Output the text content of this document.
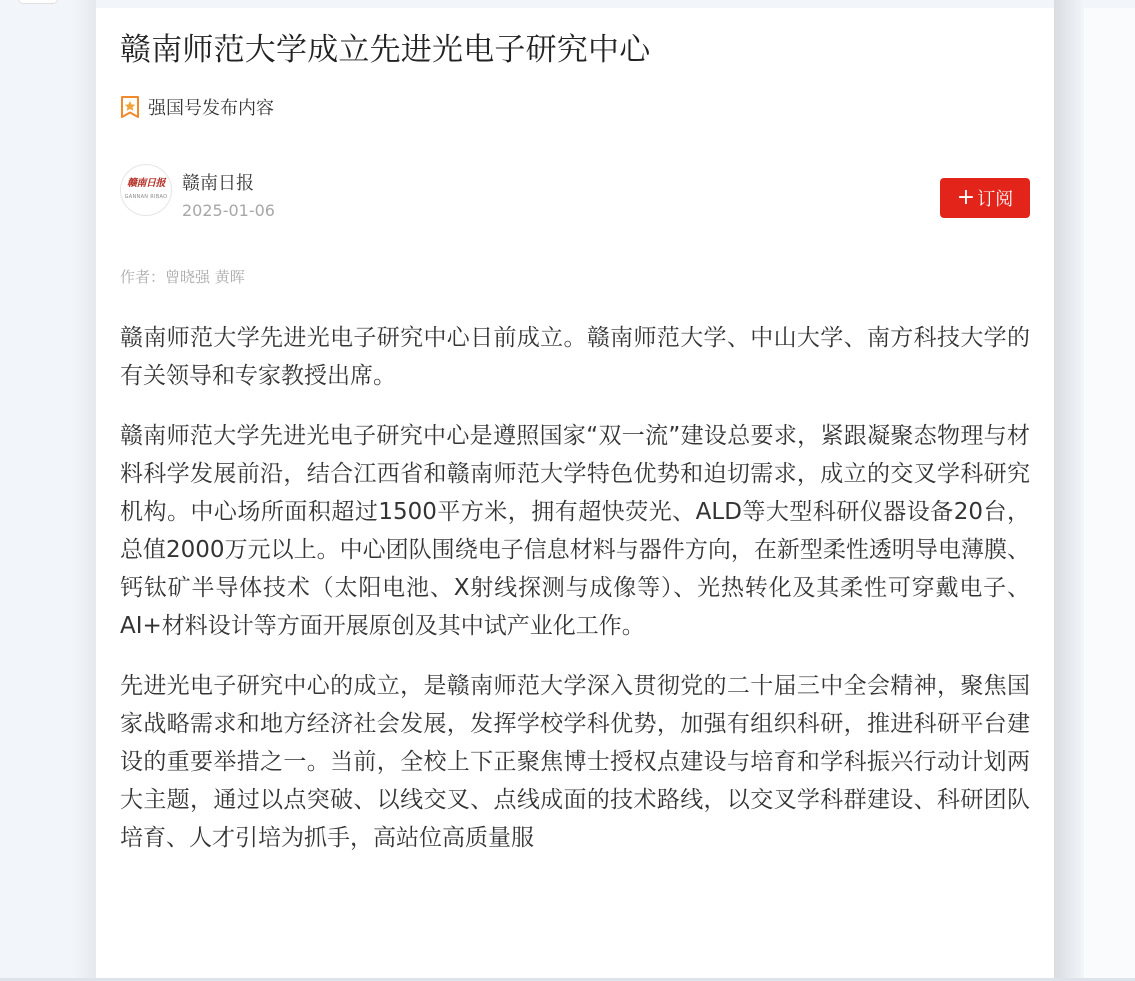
赣南师范大学成立先进光电子研究中心
强国号发布内容
赣南日报
GANNAN RIBAO
赣南日报
2025-01-06
+ 订阅
作者：曾晓强 黄晖

赣南师范大学先进光电子研究中心日前成立。赣南师范大学、中山大学、南方科技大学的有关领导和专家教授出席。

赣南师范大学先进光电子研究中心是遵照国家“双一流”建设总要求，紧跟凝聚态物理与材料科学发展前沿，结合江西省和赣南师范大学特色优势和迫切需求，成立的交叉学科研究机构。中心场所面积超过1500平方米，拥有超快荧光、ALD等大型科研仪器设备20台，总值2000万元以上。中心团队围绕电子信息材料与器件方向，在新型柔性透明导电薄膜、钙钛矿半导体技术（太阳电池、X射线探测与成像等）、光热转化及其柔性可穿戴电子、AI+材料设计等方面开展原创及其中试产业化工作。

先进光电子研究中心的成立，是赣南师范大学深入贯彻党的二十届三中全会精神，聚焦国家战略需求和地方经济社会发展，发挥学校学科优势，加强有组织科研，推进科研平台建设的重要举措之一。当前，全校上下正聚焦博士授权点建设与培育和学科振兴行动计划两大主题，通过以点突破、以线交叉、点线成面的技术路线，以交叉学科群建设、科研团队培育、人才引培为抓手，高站位高质量服
